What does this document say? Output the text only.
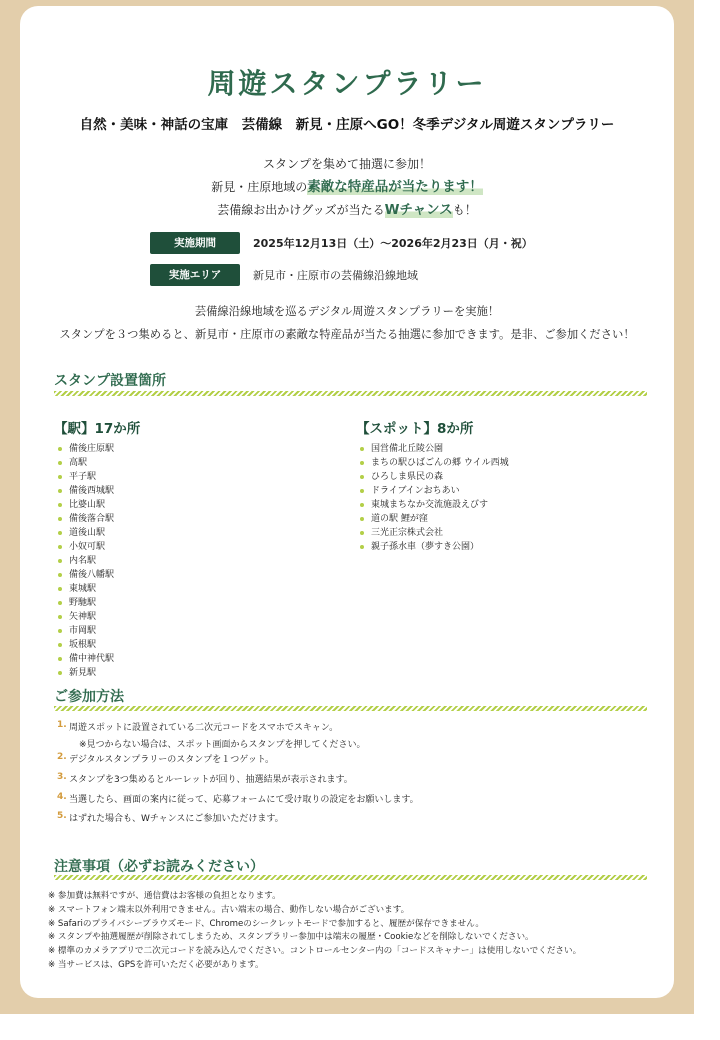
周遊スタンプラリー
自然・美味・神話の宝庫　芸備線　新見・庄原へGO！冬季デジタル周遊スタンプラリー
スタンプを集めて抽選に参加！
新見・庄原地域の素敵な特産品が当たります！
芸備線お出かけグッズが当たるWチャンスも！
実施期間	2025年12月13日（土）～2026年2月23日（月・祝）
実施エリア	新見市・庄原市の芸備線沿線地域
芸備線沿線地域を巡るデジタル周遊スタンプラリーを実施！
スタンプを３つ集めると、新見市・庄原市の素敵な特産品が当たる抽選に参加できます。是非、ご参加ください！
スタンプ設置箇所
【駅】17か所
備後庄原駅
高駅
平子駅
備後西城駅
比婆山駅
備後落合駅
道後山駅
小奴可駅
内名駅
備後八幡駅
東城駅
野馳駅
矢神駅
市岡駅
坂根駅
備中神代駅
新見駅
【スポット】8か所
国営備北丘陵公園
まちの駅ひばごんの郷 ウイル西城
ひろしま県民の森
ドライブインおちあい
東城まちなか交流施設えびす
道の駅 鯉が窪
三光正宗株式会社
親子孫水車（夢すき公園）
ご参加方法
1. 周遊スポットに設置されている二次元コードをスマホでスキャン。
※見つからない場合は、スポット画面からスタンプを押してください。
2. デジタルスタンプラリーのスタンプを１つゲット。
3. スタンプを3つ集めるとルーレットが回り、抽選結果が表示されます。
4. 当選したら、画面の案内に従って、応募フォームにて受け取りの設定をお願いします。
5. はずれた場合も、Wチャンスにご参加いただけます。
注意事項（必ずお読みください）
※ 参加費は無料ですが、通信費はお客様の負担となります。
※ スマートフォン端末以外利用できません。古い端末の場合、動作しない場合がございます。
※ Safariのプライバシーブラウズモード、Chromeのシークレットモードで参加すると、履歴が保存できません。
※ スタンプや抽選履歴が削除されてしまうため、スタンプラリー参加中は端末の履歴・Cookieなどを削除しないでください。
※ 標準のカメラアプリで二次元コードを読み込んでください。コントロールセンター内の「コードスキャナー」は使用しないでください。
※ 当サービスは、GPSを許可いただく必要があります。
